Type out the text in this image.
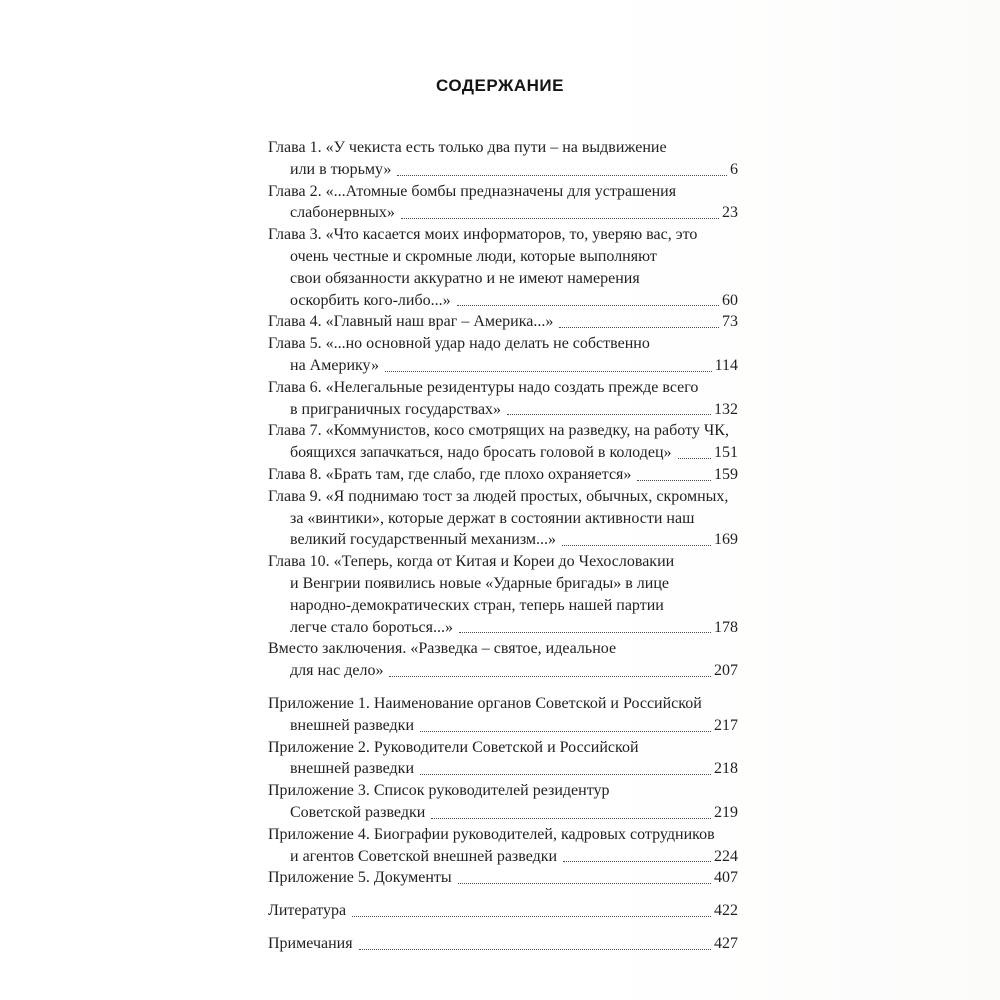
СОДЕРЖАНИЕ
Глава 1. «У чекиста есть только два пути – на выдвижение
или в тюрьму»	6
Глава 2. «...Атомные бомбы предназначены для устрашения
слабонервных»	23
Глава 3. «Что касается моих информаторов, то, уверяю вас, это
очень честные и скромные люди, которые выполняют
свои обязанности аккуратно и не имеют намерения
оскорбить кого-либо...»	60
Глава 4. «Главный наш враг – Америка...»	73
Глава 5. «...но основной удар надо делать не собственно
на Америку»	114
Глава 6. «Нелегальные резидентуры надо создать прежде всего
в приграничных государствах»	132
Глава 7. «Коммунистов, косо смотрящих на разведку, на работу ЧК,
боящихся запачкаться, надо бросать головой в колодец»	151
Глава 8. «Брать там, где слабо, где плохо охраняется»	159
Глава 9. «Я поднимаю тост за людей простых, обычных, скромных,
за «винтики», которые держат в состоянии активности наш
великий государственный механизм...»	169
Глава 10. «Теперь, когда от Китая и Кореи до Чехословакии
и Венгрии появились новые «Ударные бригады» в лице
народно-демократических стран, теперь нашей партии
легче стало бороться...»	178
Вместо заключения. «Разведка – святое, идеальное
для нас дело»	207
Приложение 1. Наименование органов Советской и Российской
внешней разведки	217
Приложение 2. Руководители Советской и Российской
внешней разведки	218
Приложение 3. Список руководителей резидентур
Советской разведки	219
Приложение 4. Биографии руководителей, кадровых сотрудников
и агентов Советской внешней разведки	224
Приложение 5. Документы	407
Литература	422
Примечания	427
